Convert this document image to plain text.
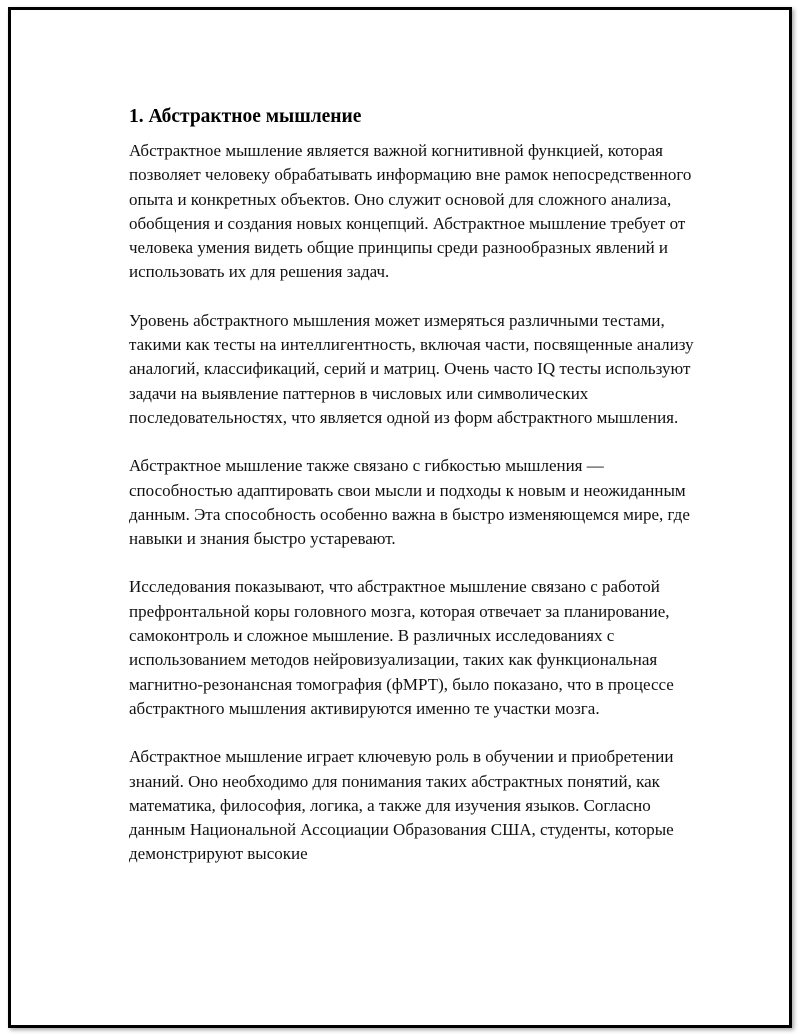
1. Абстрактное мышление

Абстрактное мышление является важной когнитивной функцией, которая позволяет человеку обрабатывать информацию вне рамок непосредственного опыта и конкретных объектов. Оно служит основой для сложного анализа, обобщения и создания новых концепций. Абстрактное мышление требует от человека умения видеть общие принципы среди разнообразных явлений и использовать их для решения задач.

Уровень абстрактного мышления может измеряться различными тестами, такими как тесты на интеллигентность, включая части, посвященные анализу аналогий, классификаций, серий и матриц. Очень часто IQ тесты используют задачи на выявление паттернов в числовых или символических последовательностях, что является одной из форм абстрактного мышления.

Абстрактное мышление также связано с гибкостью мышления — способностью адаптировать свои мысли и подходы к новым и неожиданным данным. Эта способность особенно важна в быстро изменяющемся мире, где навыки и знания быстро устаревают.

Исследования показывают, что абстрактное мышление связано с работой префронтальной коры головного мозга, которая отвечает за планирование, самоконтроль и сложное мышление. В различных исследованиях с использованием методов нейровизуализации, таких как функциональная магнитно-резонансная томография (фМРТ), было показано, что в процессе абстрактного мышления активируются именно те участки мозга.

Абстрактное мышление играет ключевую роль в обучении и приобретении знаний. Оно необходимо для понимания таких абстрактных понятий, как математика, философия, логика, а также для изучения языков. Согласно данным Национальной Ассоциации Образования США, студенты, которые демонстрируют высокие
